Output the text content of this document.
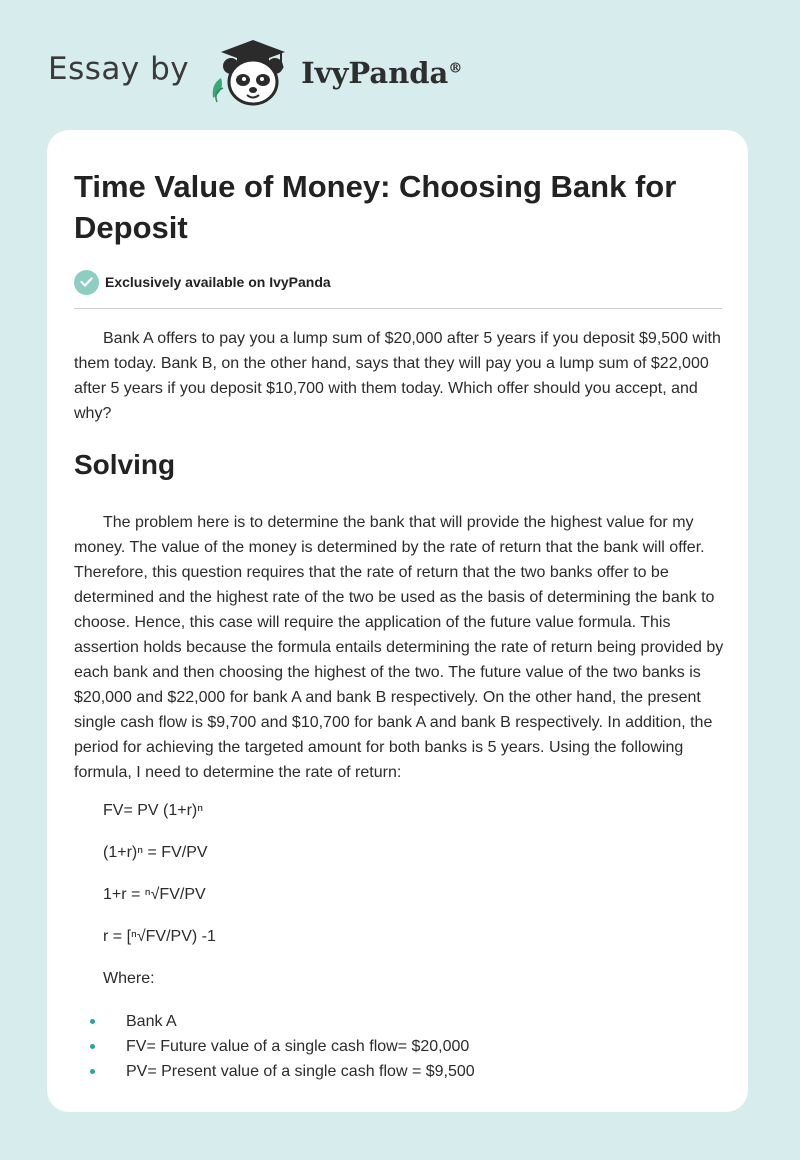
Essay by	IvyPanda®
Time Value of Money: Choosing Bank for Deposit
Exclusively available on IvyPanda

Bank A offers to pay you a lump sum of $20,000 after 5 years if you deposit $9,500 with them today. Bank B, on the other hand, says that they will pay you a lump sum of $22,000 after 5 years if you deposit $10,700 with them today. Which offer should you accept, and why?

Solving

The problem here is to determine the bank that will provide the highest value for my money. The value of the money is determined by the rate of return that the bank will offer. Therefore, this question requires that the rate of return that the two banks offer to be determined and the highest rate of the two be used as the basis of determining the bank to choose. Hence, this case will require the application of the future value formula. This assertion holds because the formula entails determining the rate of return being provided by each bank and then choosing the highest of the two. The future value of the two banks is $20,000 and $22,000 for bank A and bank B respectively. On the other hand, the present single cash flow is $9,700 and $10,700 for bank A and bank B respectively. In addition, the period for achieving the targeted amount for both banks is 5 years. Using the following formula, I need to determine the rate of return:

FV= PV (1+r)ⁿ
(1+r)ⁿ = FV/PV
1+r = ⁿ√FV/PV
r = [ⁿ√FV/PV) -1
Where:
Bank A
FV= Future value of a single cash flow= $20,000
PV= Present value of a single cash flow = $9,500
